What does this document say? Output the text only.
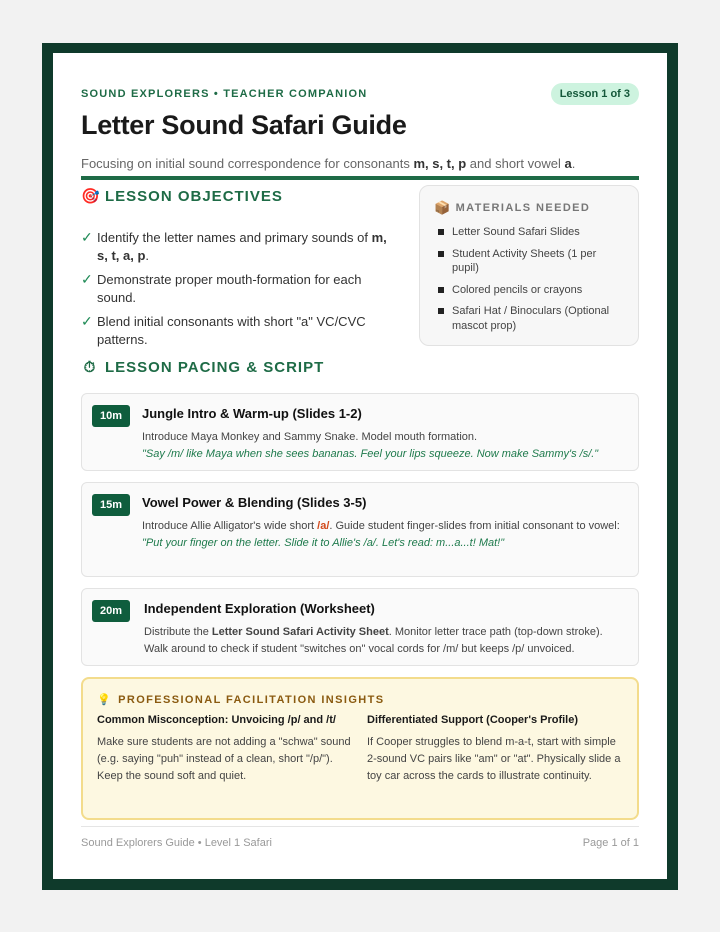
SOUND EXPLORERS • TEACHER COMPANION	Lesson 1 of 3
Letter Sound Safari Guide
Focusing on initial sound correspondence for consonants m, s, t, p and short vowel a.
🎯 LESSON OBJECTIVES
✓ Identify the letter names and primary sounds of m, s, t, a, p.
✓ Demonstrate proper mouth-formation for each sound.
✓ Blend initial consonants with short "a" VC/CVC patterns.
📦 MATERIALS NEEDED
Letter Sound Safari Slides
Student Activity Sheets (1 per pupil)
Colored pencils or crayons
Safari Hat / Binoculars (Optional mascot prop)
⏱ LESSON PACING & SCRIPT
10m	Jungle Intro & Warm-up (Slides 1-2)

Introduce Maya Monkey and Sammy Snake. Model mouth formation.

"Say /m/ like Maya when she sees bananas. Feel your lips squeeze. Now make Sammy's /s/."

15m	Vowel Power & Blending (Slides 3-5)

Introduce Allie Alligator's wide short /a/. Guide student finger-slides from initial consonant to vowel:

"Put your finger on the letter. Slide it to Allie's /a/. Let's read: m...a...t! Mat!"

20m	Independent Exploration (Worksheet)

Distribute the Letter Sound Safari Activity Sheet. Monitor letter trace path (top-down stroke). Walk around to check if student "switches on" vocal cords for /m/ but keeps /p/ unvoiced.

💡 PROFESSIONAL FACILITATION INSIGHTS
Common Misconception: Unvoicing /p/ and /t/

Make sure students are not adding a "schwa" sound (e.g. saying "puh" instead of a clean, short "/p/"). Keep the sound soft and quiet.

Differentiated Support (Cooper's Profile)

If Cooper struggles to blend m-a-t, start with simple 2-sound VC pairs like "am" or "at". Physically slide a toy car across the cards to illustrate continuity.

Sound Explorers Guide • Level 1 Safari	Page 1 of 1
